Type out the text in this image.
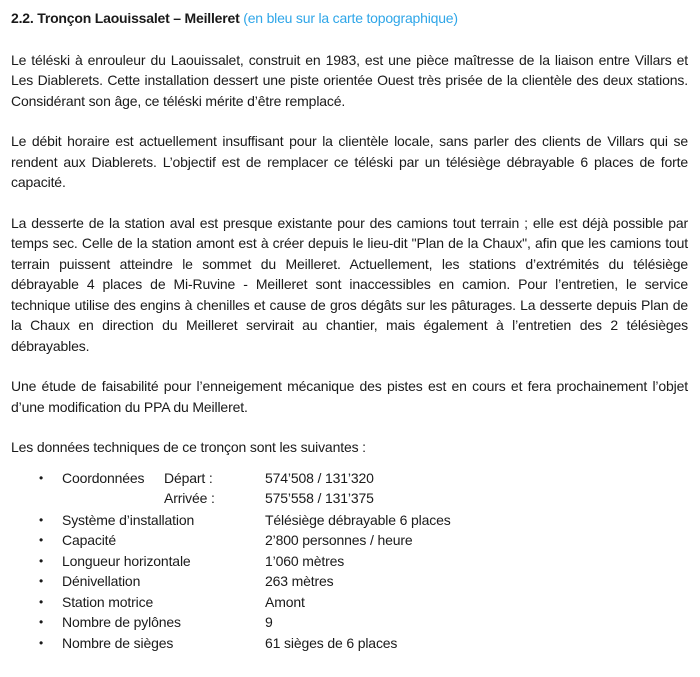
2.2. Tronçon Laouissalet – Meilleret (en bleu sur la carte topographique)

Le téléski à enrouleur du Laouissalet, construit en 1983, est une pièce maîtresse de la liaison entre Villars et Les Diablerets. Cette installation dessert une piste orientée Ouest très prisée de la clientèle des deux stations. Considérant son âge, ce téléski mérite d’être remplacé.

Le débit horaire est actuellement insuffisant pour la clientèle locale, sans parler des clients de Villars qui se rendent aux Diablerets. L’objectif est de remplacer ce téléski par un télésiège débrayable 6 places de forte capacité.

La desserte de la station aval est presque existante pour des camions tout terrain ; elle est déjà possible par temps sec. Celle de la station amont est à créer depuis le lieu-dit "Plan de la Chaux", afin que les camions tout terrain puissent atteindre le sommet du Meilleret. Actuellement, les stations d’extrémités du télésiège débrayable 4 places de Mi-Ruvine - Meilleret sont inaccessibles en camion. Pour l’entretien, le service technique utilise des engins à chenilles et cause de gros dégâts sur les pâturages. La desserte depuis Plan de la Chaux en direction du Meilleret servirait au chantier, mais également à l’entretien des 2 télésièges débrayables.

Une étude de faisabilité pour l’enneigement mécanique des pistes est en cours et fera prochainement l’objet d’une modification du PPA du Meilleret.

Les données techniques de ce tronçon sont les suivantes :

• Coordonnées	Départ :	574’508 / 131’320
Arrivée :	575’558 / 131’375
• Système d’installation	Télésiège débrayable 6 places
• Capacité	2’800 personnes / heure
• Longueur horizontale	1’060 mètres
• Dénivellation	263 mètres
• Station motrice	Amont
• Nombre de pylônes	9
• Nombre de sièges	61 sièges de 6 places
